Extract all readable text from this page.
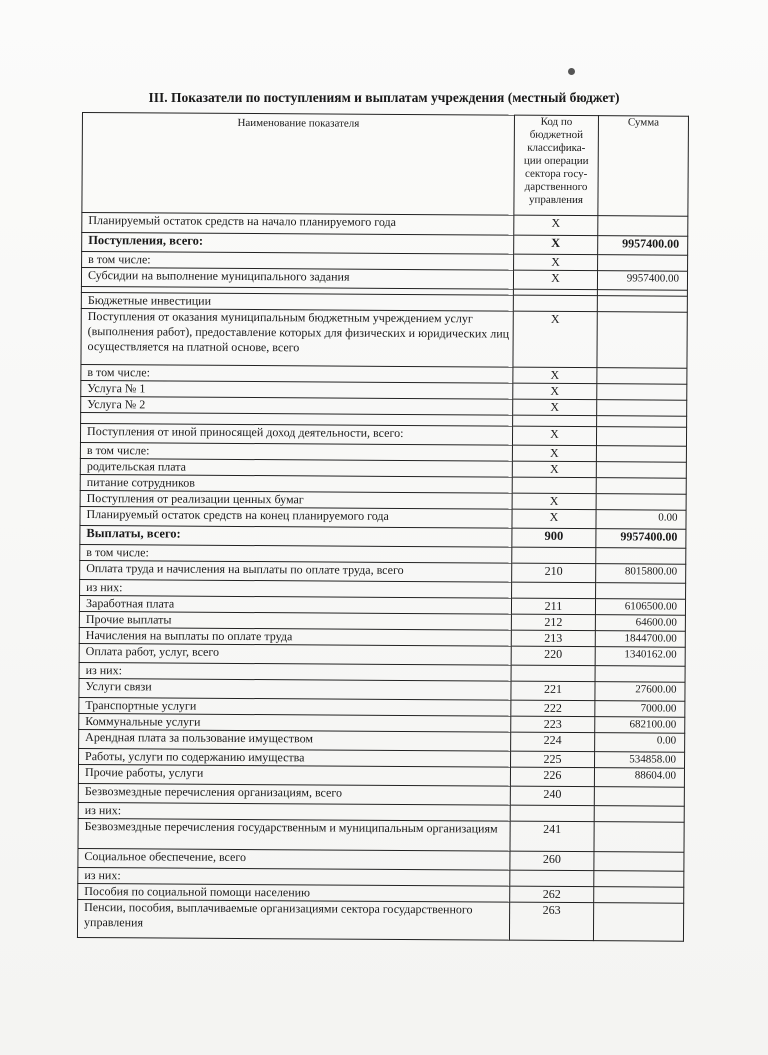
III. Показатели по поступлениям и выплатам учреждения (местный бюджет)
Наименование показателя	Код по бюджетной классифика- ции операции сектора госу- дарственного управления	Сумма
Планируемый остаток средств на начало планируемого года	X	
Поступления, всего:	X	9957400.00
в том числе:	X	
Субсидии на выполнение муниципального задания	X	9957400.00

Бюджетные инвестиции		
Поступления от оказания муниципальным бюджетным учреждением услуг (выполнения работ), предоставление которых для физических и юридических лиц осуществляется на платной основе, всего	X	
в том числе:	X	
Услуга № 1	X	
Услуга № 2	X	

Поступления от иной приносящей доход деятельности, всего:	X	
в том числе:	X	
родительская плата	X	
питание сотрудников		
Поступления от реализации ценных бумаг	X	
Планируемый остаток средств на конец планируемого года	X	0.00
Выплаты, всего:	900	9957400.00
в том числе:		
Оплата труда и начисления на выплаты по оплате труда, всего	210	8015800.00
из них:		
Заработная плата	211	6106500.00
Прочие выплаты	212	64600.00
Начисления на выплаты по оплате труда	213	1844700.00
Оплата работ, услуг, всего	220	1340162.00
из них:		
Услуги связи	221	27600.00
Транспортные услуги	222	7000.00
Коммунальные услуги	223	682100.00
Арендная плата за пользование имуществом	224	0.00
Работы, услуги по содержанию имущества	225	534858.00
Прочие работы, услуги	226	88604.00
Безвозмездные перечисления организациям, всего	240	
из них:		
Безвозмездные перечисления государственным и муниципальным организациям	241	
Социальное обеспечение, всего	260	
из них:		
Пособия по социальной помощи населению	262	
Пенсии, пособия, выплачиваемые организациями сектора государственного управления	263	
